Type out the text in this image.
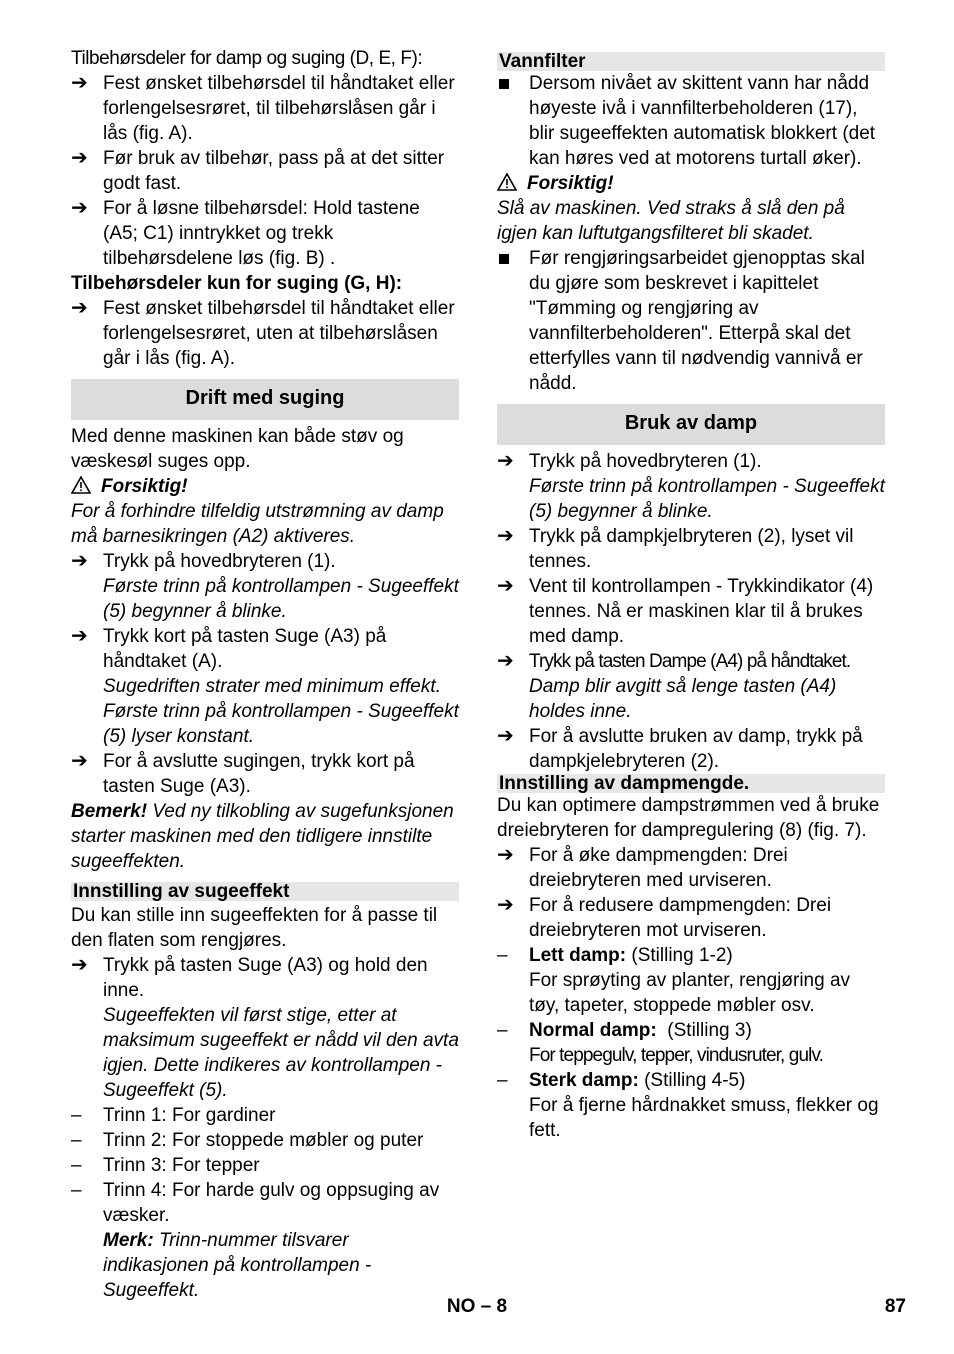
Tilbehørsdeler for damp og suging (D, E, F):

➔ Fest ønsket tilbehørsdel til håndtaket eller forlengelsesrøret, til tilbehørslåsen går i lås (fig. A).
➔ Før bruk av tilbehør, pass på at det sitter godt fast.
➔ For å løsne tilbehørsdel: Hold tastene (A5; C1) inntrykket og trekk tilbehørsdelene løs (fig. B) .

Tilbehørsdeler kun for suging (G, H):

➔ Fest ønsket tilbehørsdel til håndtaket eller forlengelsesrøret, uten at tilbehørslåsen går i lås (fig. A).
Drift med suging

Med denne maskinen kan både støv og væskesøl suges opp.

Forsiktig!

For å forhindre tilfeldig utstrømning av damp må barnesikringen (A2) aktiveres.

➔ Trykk på hovedbryteren (1).
Første trinn på kontrollampen - Sugeeffekt (5) begynner å blinke.
➔ Trykk kort på tasten Suge (A3) på håndtaket (A).
Sugedriften strater med minimum effekt. Første trinn på kontrollampen - Sugeeffekt (5) lyser konstant.
➔ For å avslutte sugingen, trykk kort på tasten Suge (A3).

Bemerk! Ved ny tilkobling av sugefunksjonen starter maskinen med den tidligere innstilte sugeeffekten.

Innstilling av sugeeffekt

Du kan stille inn sugeeffekten for å passe til den flaten som rengjøres.

➔ Trykk på tasten Suge (A3) og hold den inne.
Sugeeffekten vil først stige, etter at maksimum sugeeffekt er nådd vil den avta igjen. Dette indikeres av kontrollampen - Sugeeffekt (5).
– Trinn 1: For gardiner
– Trinn 2: For stoppede møbler og puter
– Trinn 3: For tepper
– Trinn 4: For harde gulv og oppsuging av væsker.
Merk: Trinn-nummer tilsvarer indikasjonen på kontrollampen - Sugeeffekt.
Vannfilter
Dersom nivået av skittent vann har nådd høyeste ivå i vannfilterbeholderen (17), blir sugeeffekten automatisk blokkert (det kan høres ved at motorens turtall øker).

Forsiktig!

Slå av maskinen. Ved straks å slå den på igjen kan luftutgangsfilteret bli skadet.

Før rengjøringsarbeidet gjenopptas skal du gjøre som beskrevet i kapittelet "Tømming og rengjøring av vannfilterbeholderen". Etterpå skal det etterfylles vann til nødvendig vannivå er nådd.
Bruk av damp
➔ Trykk på hovedbryteren (1).
Første trinn på kontrollampen - Sugeeffekt (5) begynner å blinke.
➔ Trykk på dampkjelbryteren (2), lyset vil tennes.
➔ Vent til kontrollampen - Trykkindikator (4) tennes. Nå er maskinen klar til å brukes med damp.
➔ Trykk på tasten Dampe (A4) på håndtaket.
Damp blir avgitt så lenge tasten (A4) holdes inne.
➔ For å avslutte bruken av damp, trykk på dampkjelebryteren (2).
Innstilling av dampmengde.

Du kan optimere dampstrømmen ved å bruke dreiebryteren for dampregulering (8) (fig. 7).

➔ For å øke dampmengden: Drei dreiebryteren med urviseren.
➔ For å redusere dampmengden: Drei dreiebryteren mot urviseren.
– Lett damp: (Stilling 1-2)
For sprøyting av planter, rengjøring av tøy, tapeter, stoppede møbler osv.
– Normal damp:  (Stilling 3)
For teppegulv, tepper, vindusruter, gulv.
– Sterk damp: (Stilling 4-5)
For å fjerne hårdnakket smuss, flekker og fett.
NO – 8	87
